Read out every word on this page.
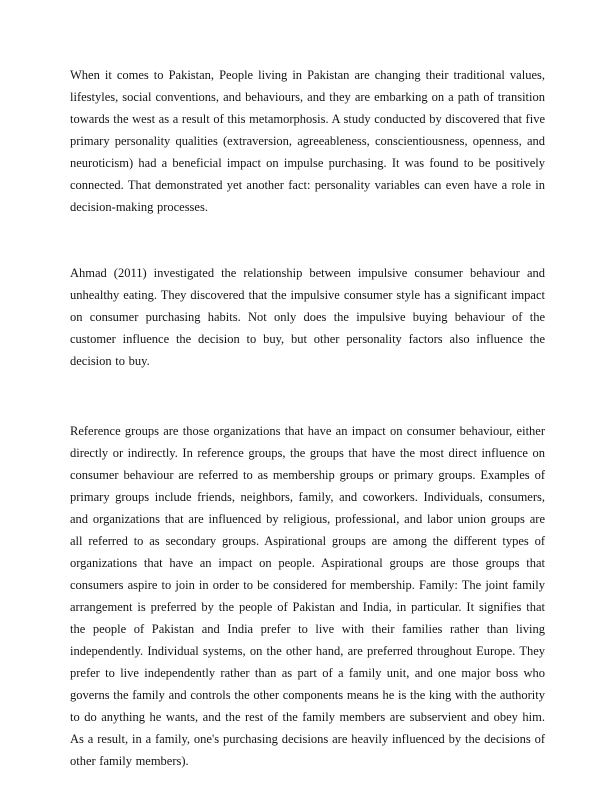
When it comes to Pakistan, People living in Pakistan are changing their traditional values, lifestyles, social conventions, and behaviours, and they are embarking on a path of transition towards the west as a result of this metamorphosis. A study conducted by discovered that five primary personality qualities (extraversion, agreeableness, conscientiousness, openness, and neuroticism) had a beneficial impact on impulse purchasing. It was found to be positively connected. That demonstrated yet another fact: personality variables can even have a role in decision-making processes.

Ahmad (2011) investigated the relationship between impulsive consumer behaviour and unhealthy eating. They discovered that the impulsive consumer style has a significant impact on consumer purchasing habits. Not only does the impulsive buying behaviour of the customer influence the decision to buy, but other personality factors also influence the decision to buy.

Reference groups are those organizations that have an impact on consumer behaviour, either directly or indirectly. In reference groups, the groups that have the most direct influence on consumer behaviour are referred to as membership groups or primary groups. Examples of primary groups include friends, neighbors, family, and coworkers. Individuals, consumers, and organizations that are influenced by religious, professional, and labor union groups are all referred to as secondary groups. Aspirational groups are among the different types of organizations that have an impact on people. Aspirational groups are those groups that consumers aspire to join in order to be considered for membership. Family: The joint family arrangement is preferred by the people of Pakistan and India, in particular. It signifies that the people of Pakistan and India prefer to live with their families rather than living independently. Individual systems, on the other hand, are preferred throughout Europe. They prefer to live independently rather than as part of a family unit, and one major boss who governs the family and controls the other components means he is the king with the authority to do anything he wants, and the rest of the family members are subservient and obey him. As a result, in a family, one's purchasing decisions are heavily influenced by the decisions of other family members).
